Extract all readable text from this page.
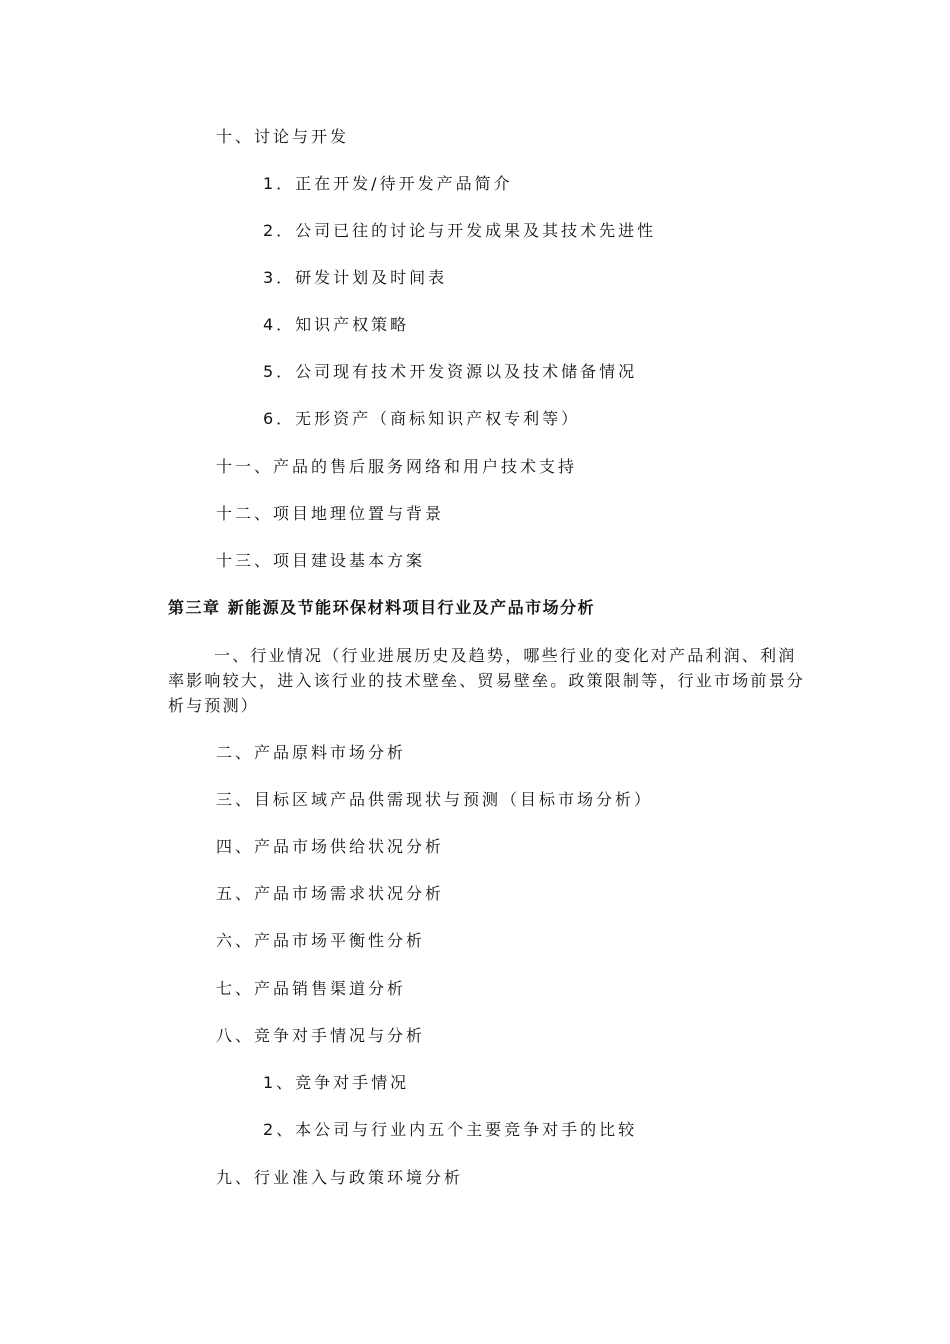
十、讨论与开发
1．正在开发/待开发产品简介
2．公司已往的讨论与开发成果及其技术先进性
3．研发计划及时间表
4．知识产权策略
5．公司现有技术开发资源以及技术储备情况
6．无形资产（商标知识产权专利等）
十一、产品的售后服务网络和用户技术支持
十二、项目地理位置与背景
十三、项目建设基本方案
第三章 新能源及节能环保材料项目行业及产品市场分析
一、行业情况（行业进展历史及趋势，哪些行业的变化对产品利润、利润率影响较大，进入该行业的技术壁垒、贸易壁垒。政策限制等，行业市场前景分析与预测）
二、产品原料市场分析
三、目标区域产品供需现状与预测（目标市场分析）
四、产品市场供给状况分析
五、产品市场需求状况分析
六、产品市场平衡性分析
七、产品销售渠道分析
八、竞争对手情况与分析
1、竞争对手情况
2、本公司与行业内五个主要竞争对手的比较
九、行业准入与政策环境分析
